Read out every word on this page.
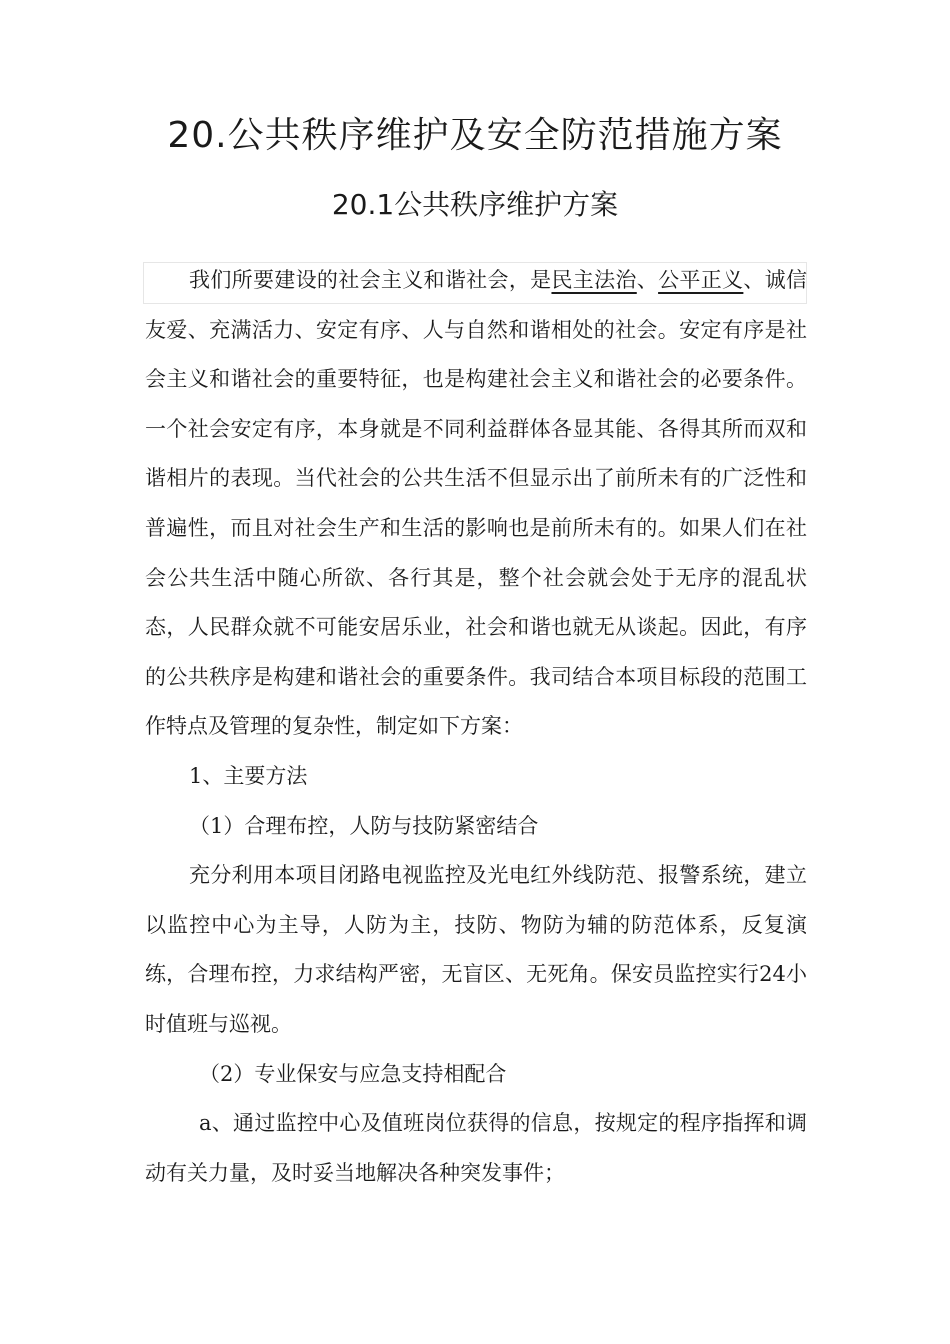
20.公共秩序维护及安全防范措施方案
20.1公共秩序维护方案

我们所要建设的社会主义和谐社会，是民主法治、公平正义、诚信友爱、充满活力、安定有序、人与自然和谐相处的社会。安定有序是社会主义和谐社会的重要特征，也是构建社会主义和谐社会的必要条件。一个社会安定有序，本身就是不同利益群体各显其能、各得其所而双和谐相片的表现。当代社会的公共生活不但显示出了前所未有的广泛性和普遍性，而且对社会生产和生活的影响也是前所未有的。如果人们在社会公共生活中随心所欲、各行其是，整个社会就会处于无序的混乱状态，人民群众就不可能安居乐业，社会和谐也就无从谈起。因此，有序的公共秩序是构建和谐社会的重要条件。我司结合本项目标段的范围工作特点及管理的复杂性，制定如下方案：

1、主要方法

（1）合理布控，人防与技防紧密结合

充分利用本项目闭路电视监控及光电红外线防范、报警系统，建立以监控中心为主导，人防为主，技防、物防为辅的防范体系，反复演练，合理布控，力求结构严密，无盲区、无死角。保安员监控实行24小时值班与巡视。

（2）专业保安与应急支持相配合

a、通过监控中心及值班岗位获得的信息，按规定的程序指挥和调动有关力量，及时妥当地解决各种突发事件；
